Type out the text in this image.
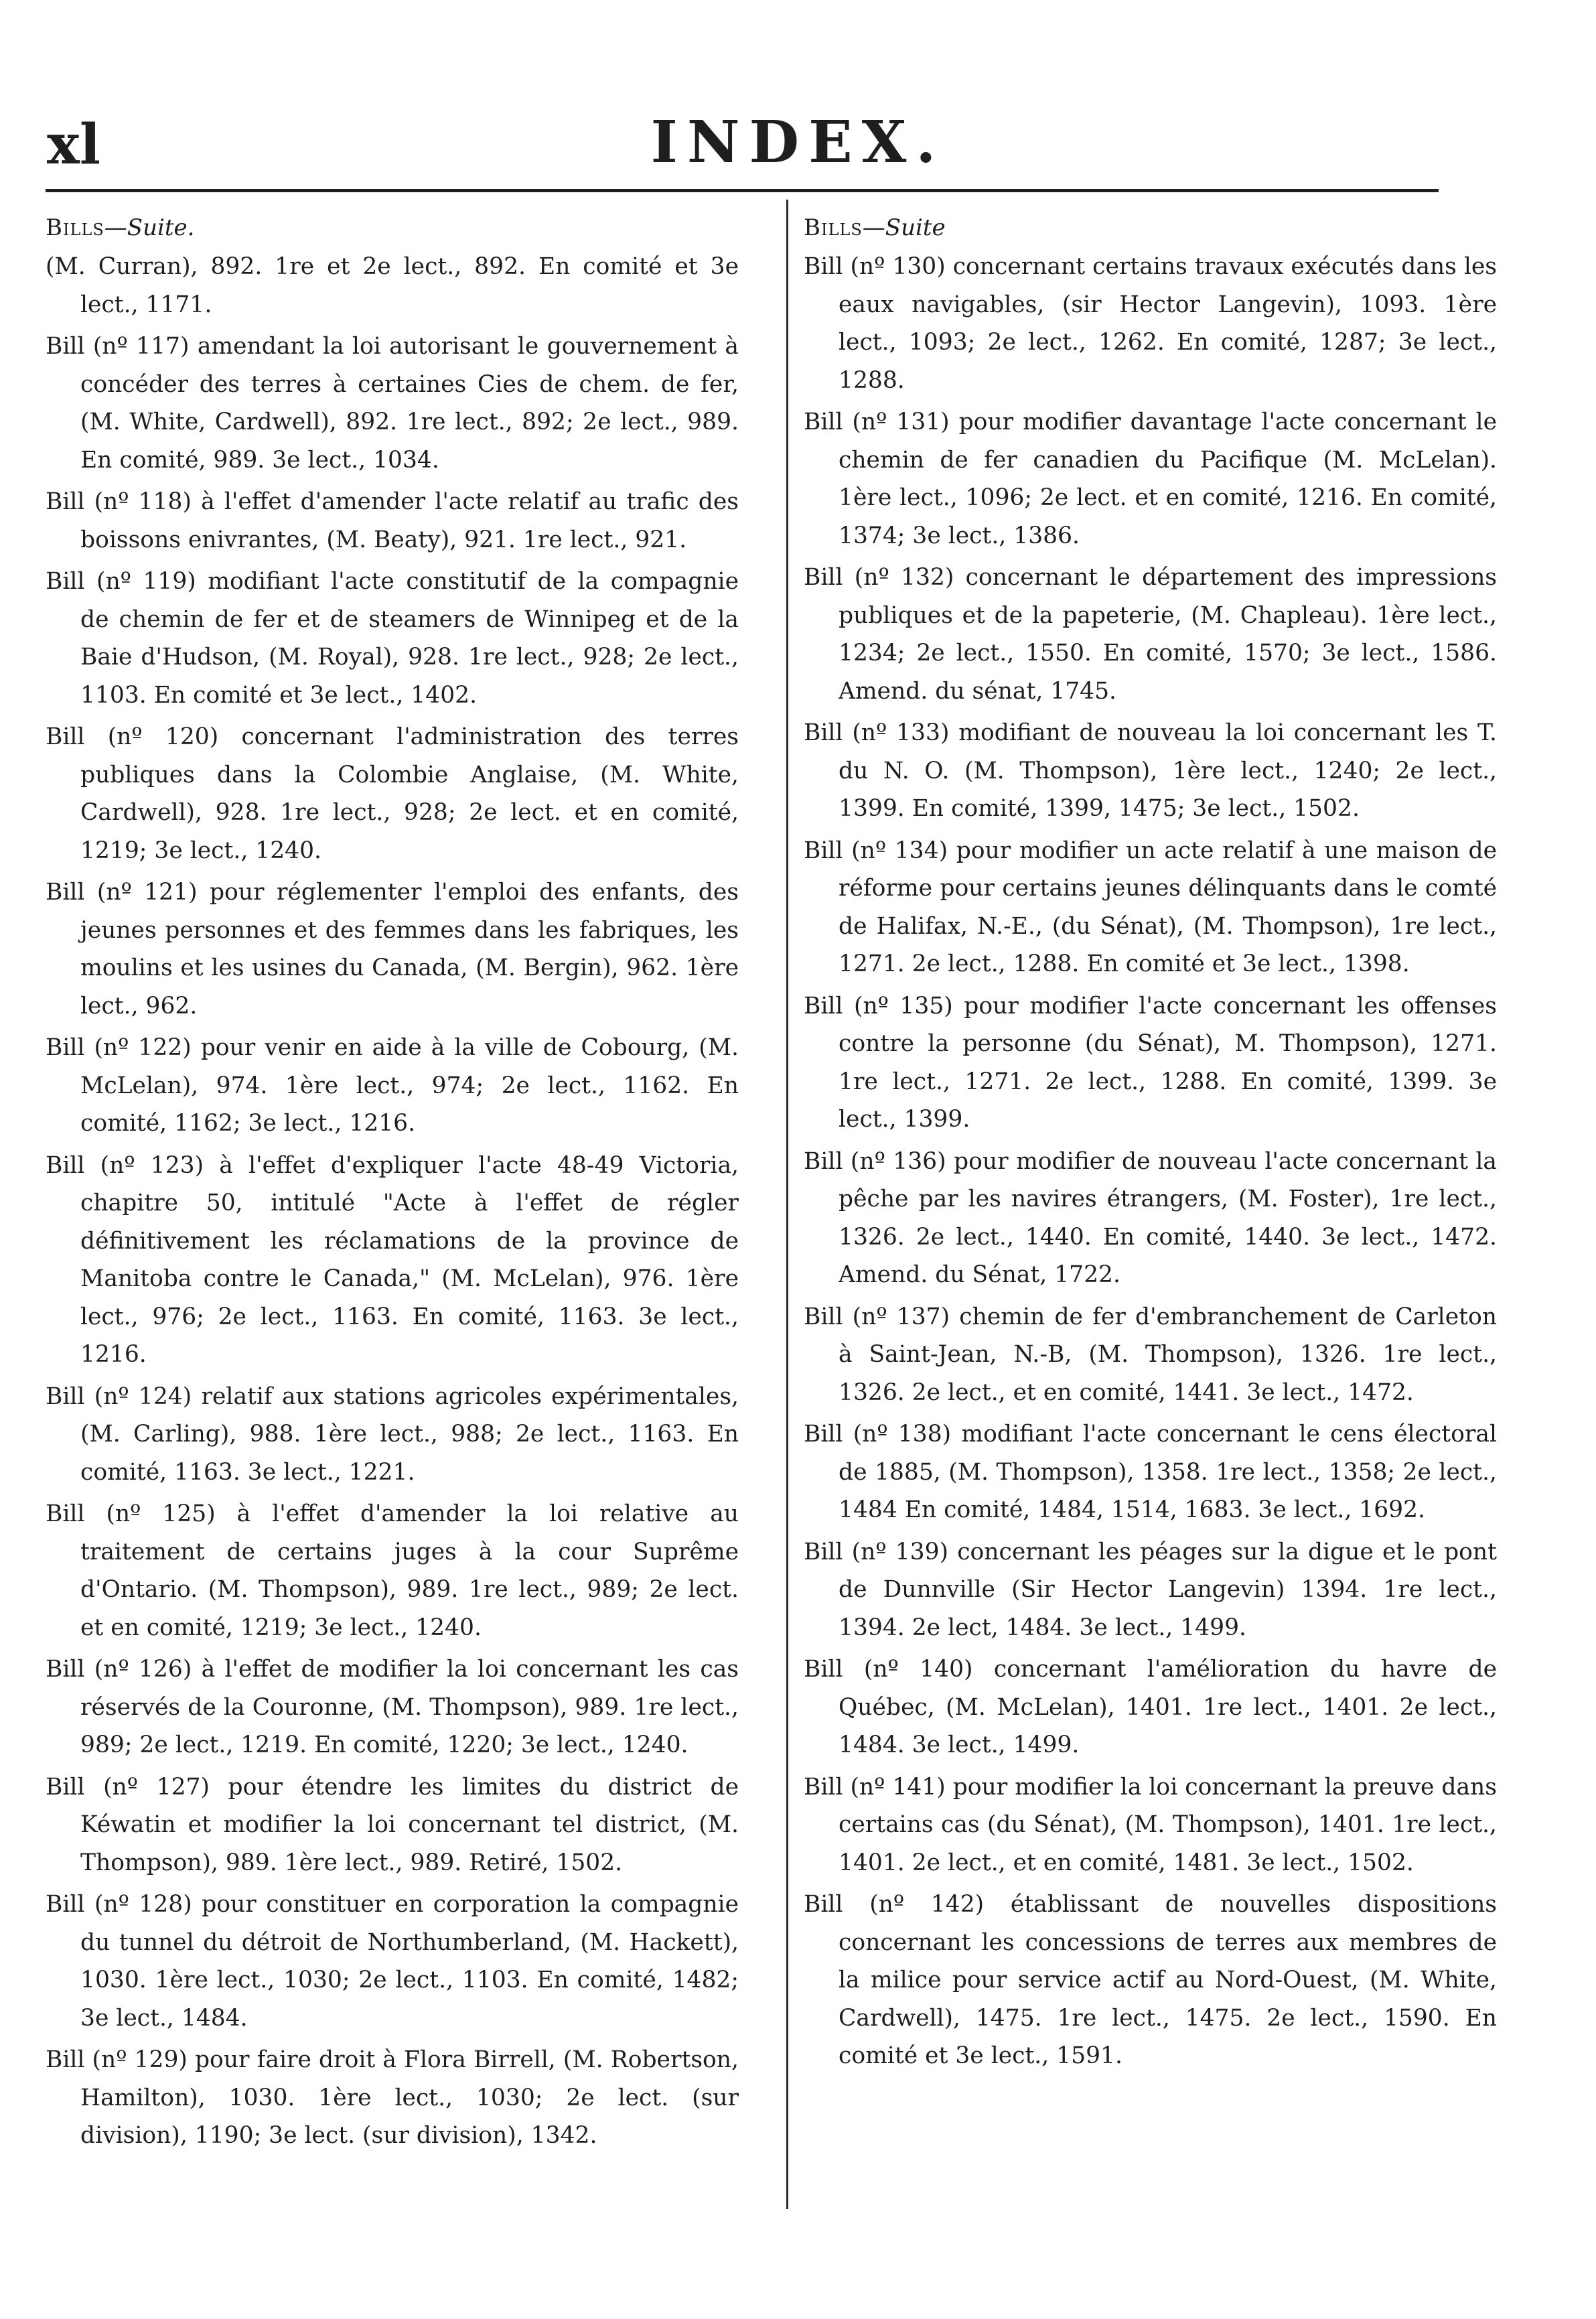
xl	INDEX.
Bills—Suite.

(M. Curran), 892. 1re et 2e lect., 892. En comité et 3e lect., 1171.

Bill (nº 117) amendant la loi autorisant le gouvernement à concéder des terres à certaines Cies de chem. de fer, (M. White, Cardwell), 892. 1re lect., 892; 2e lect., 989. En comité, 989. 3e lect., 1034.

Bill (nº 118) à l'effet d'amender l'acte relatif au trafic des boissons enivrantes, (M. Beaty), 921. 1re lect., 921.

Bill (nº 119) modifiant l'acte constitutif de la compagnie de chemin de fer et de steamers de Winnipeg et de la Baie d'Hudson, (M. Royal), 928. 1re lect., 928; 2e lect., 1103. En comité et 3e lect., 1402.

Bill (nº 120) concernant l'administration des terres publiques dans la Colombie Anglaise, (M. White, Cardwell), 928. 1re lect., 928; 2e lect. et en comité, 1219; 3e lect., 1240.

Bill (nº 121) pour réglementer l'emploi des enfants, des jeunes personnes et des femmes dans les fabriques, les moulins et les usines du Canada, (M. Bergin), 962. 1ère lect., 962.

Bill (nº 122) pour venir en aide à la ville de Cobourg, (M. McLelan), 974. 1ère lect., 974; 2e lect., 1162. En comité, 1162; 3e lect., 1216.

Bill (nº 123) à l'effet d'expliquer l'acte 48-49 Victoria, chapitre 50, intitulé "Acte à l'effet de régler définitivement les réclamations de la province de Manitoba contre le Canada," (M. McLelan), 976. 1ère lect., 976; 2e lect., 1163. En comité, 1163. 3e lect., 1216.

Bill (nº 124) relatif aux stations agricoles expérimentales, (M. Carling), 988. 1ère lect., 988; 2e lect., 1163. En comité, 1163. 3e lect., 1221.

Bill (nº 125) à l'effet d'amender la loi relative au traitement de certains juges à la cour Suprême d'Ontario. (M. Thompson), 989. 1re lect., 989; 2e lect. et en comité, 1219; 3e lect., 1240.

Bill (nº 126) à l'effet de modifier la loi concernant les cas réservés de la Couronne, (M. Thompson), 989. 1re lect., 989; 2e lect., 1219. En comité, 1220; 3e lect., 1240.

Bill (nº 127) pour étendre les limites du district de Kéwatin et modifier la loi concernant tel district, (M. Thompson), 989. 1ère lect., 989. Retiré, 1502.

Bill (nº 128) pour constituer en corporation la compagnie du tunnel du détroit de Northumberland, (M. Hackett), 1030. 1ère lect., 1030; 2e lect., 1103. En comité, 1482; 3e lect., 1484.

Bill (nº 129) pour faire droit à Flora Birrell, (M. Robertson, Hamilton), 1030. 1ère lect., 1030; 2e lect. (sur division), 1190; 3e lect. (sur division), 1342.

Bills—Suite

Bill (nº 130) concernant certains travaux exécutés dans les eaux navigables, (sir Hector Langevin), 1093. 1ère lect., 1093; 2e lect., 1262. En comité, 1287; 3e lect., 1288.

Bill (nº 131) pour modifier davantage l'acte concernant le chemin de fer canadien du Pacifique (M. McLelan). 1ère lect., 1096; 2e lect. et en comité, 1216. En comité, 1374; 3e lect., 1386.

Bill (nº 132) concernant le département des impressions publiques et de la papeterie, (M. Chapleau). 1ère lect., 1234; 2e lect., 1550. En comité, 1570; 3e lect., 1586. Amend. du sénat, 1745.

Bill (nº 133) modifiant de nouveau la loi concernant les T. du N. O. (M. Thompson), 1ère lect., 1240; 2e lect., 1399. En comité, 1399, 1475; 3e lect., 1502.

Bill (nº 134) pour modifier un acte relatif à une maison de réforme pour certains jeunes délinquants dans le comté de Halifax, N.-E., (du Sénat), (M. Thompson), 1re lect., 1271. 2e lect., 1288. En comité et 3e lect., 1398.

Bill (nº 135) pour modifier l'acte concernant les offenses contre la personne (du Sénat), M. Thompson), 1271. 1re lect., 1271. 2e lect., 1288. En comité, 1399. 3e lect., 1399.

Bill (nº 136) pour modifier de nouveau l'acte concernant la pêche par les navires étrangers, (M. Foster), 1re lect., 1326. 2e lect., 1440. En comité, 1440. 3e lect., 1472. Amend. du Sénat, 1722.

Bill (nº 137) chemin de fer d'embranchement de Carleton à Saint-Jean, N.-B, (M. Thompson), 1326. 1re lect., 1326. 2e lect., et en comité, 1441. 3e lect., 1472.

Bill (nº 138) modifiant l'acte concernant le cens électoral de 1885, (M. Thompson), 1358. 1re lect., 1358; 2e lect., 1484 En comité, 1484, 1514, 1683. 3e lect., 1692.

Bill (nº 139) concernant les péages sur la digue et le pont de Dunnville (Sir Hector Langevin) 1394. 1re lect., 1394. 2e lect, 1484. 3e lect., 1499.

Bill (nº 140) concernant l'amélioration du havre de Québec, (M. McLelan), 1401. 1re lect., 1401. 2e lect., 1484. 3e lect., 1499.

Bill (nº 141) pour modifier la loi concernant la preuve dans certains cas (du Sénat), (M. Thompson), 1401. 1re lect., 1401. 2e lect., et en comité, 1481. 3e lect., 1502.

Bill (nº 142) établissant de nouvelles dispositions concernant les concessions de terres aux membres de la milice pour service actif au Nord-Ouest, (M. White, Cardwell), 1475. 1re lect., 1475. 2e lect., 1590. En comité et 3e lect., 1591.
